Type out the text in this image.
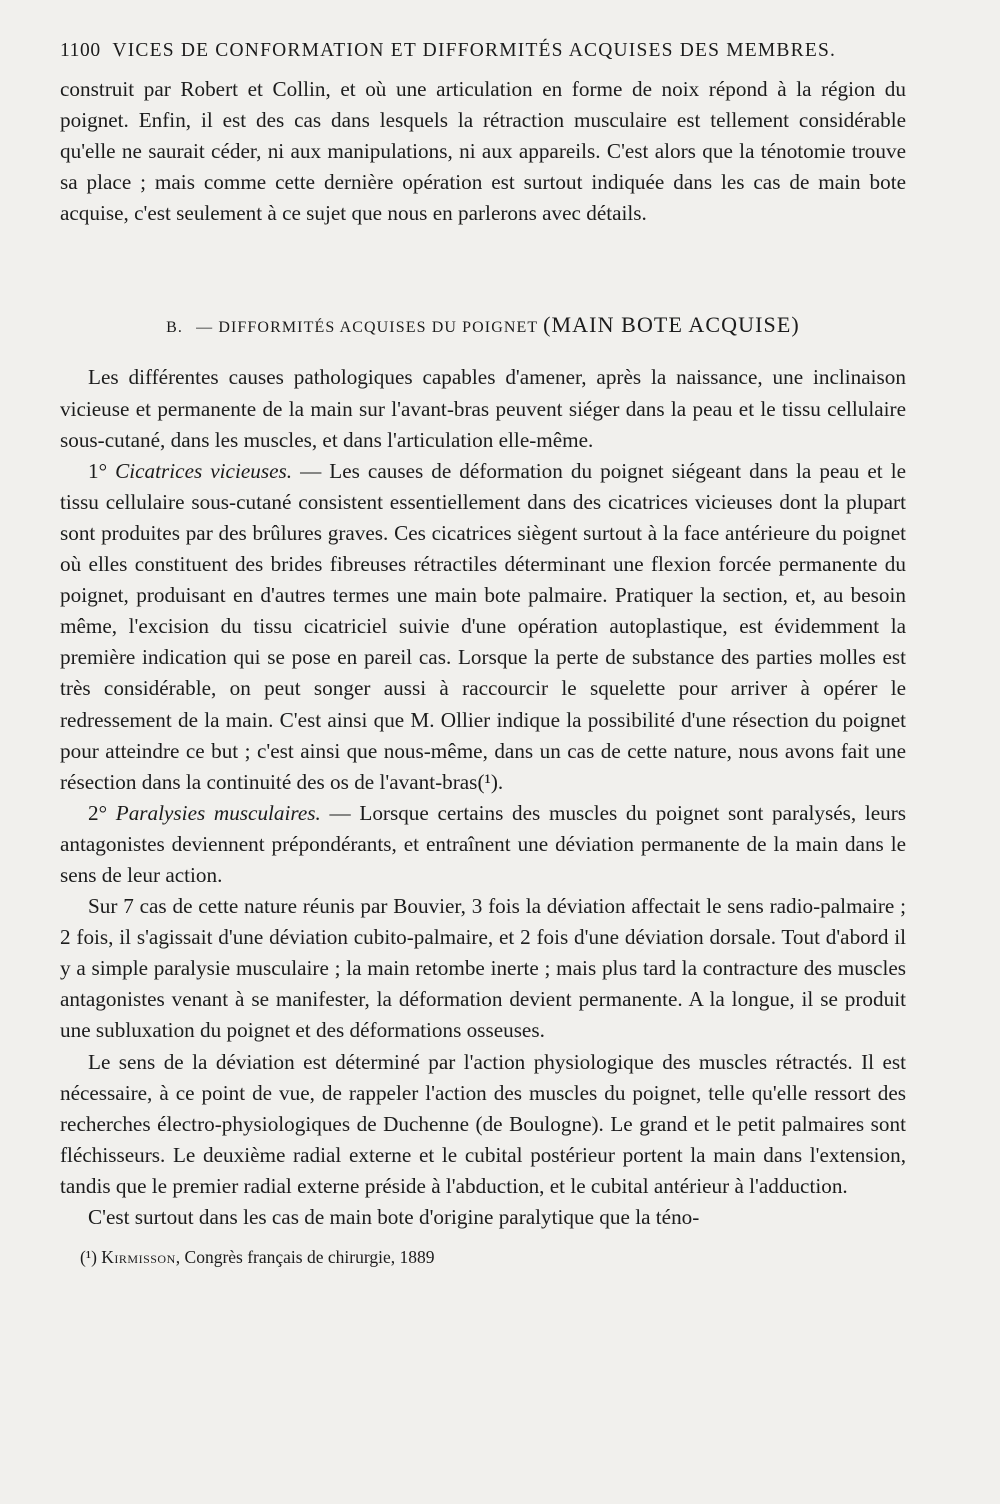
1100 VICES DE CONFORMATION ET DIFFORMITÉS ACQUISES DES MEMBRES.

construit par Robert et Collin, et où une articulation en forme de noix répond à la région du poignet. Enfin, il est des cas dans lesquels la rétraction musculaire est tellement considérable qu'elle ne saurait céder, ni aux manipulations, ni aux appareils. C'est alors que la ténotomie trouve sa place ; mais comme cette dernière opération est surtout indiquée dans les cas de main bote acquise, c'est seulement à ce sujet que nous en parlerons avec détails.

B. — DIFFORMITÉS ACQUISES DU POIGNET (MAIN BOTE ACQUISE)

Les différentes causes pathologiques capables d'amener, après la naissance, une inclinaison vicieuse et permanente de la main sur l'avant-bras peuvent siéger dans la peau et le tissu cellulaire sous-cutané, dans les muscles, et dans l'articulation elle-même.

1° Cicatrices vicieuses. — Les causes de déformation du poignet siégeant dans la peau et le tissu cellulaire sous-cutané consistent essentiellement dans des cicatrices vicieuses dont la plupart sont produites par des brûlures graves. Ces cicatrices siègent surtout à la face antérieure du poignet où elles constituent des brides fibreuses rétractiles déterminant une flexion forcée permanente du poignet, produisant en d'autres termes une main bote palmaire. Pratiquer la section, et, au besoin même, l'excision du tissu cicatriciel suivie d'une opération autoplastique, est évidemment la première indication qui se pose en pareil cas. Lorsque la perte de substance des parties molles est très considérable, on peut songer aussi à raccourcir le squelette pour arriver à opérer le redressement de la main. C'est ainsi que M. Ollier indique la possibilité d'une résection du poignet pour atteindre ce but ; c'est ainsi que nous-même, dans un cas de cette nature, nous avons fait une résection dans la continuité des os de l'avant-bras(¹).

2° Paralysies musculaires. — Lorsque certains des muscles du poignet sont paralysés, leurs antagonistes deviennent prépondérants, et entraînent une déviation permanente de la main dans le sens de leur action.

Sur 7 cas de cette nature réunis par Bouvier, 3 fois la déviation affectait le sens radio-palmaire ; 2 fois, il s'agissait d'une déviation cubito-palmaire, et 2 fois d'une déviation dorsale. Tout d'abord il y a simple paralysie musculaire ; la main retombe inerte ; mais plus tard la contracture des muscles antagonistes venant à se manifester, la déformation devient permanente. A la longue, il se produit une subluxation du poignet et des déformations osseuses.

Le sens de la déviation est déterminé par l'action physiologique des muscles rétractés. Il est nécessaire, à ce point de vue, de rappeler l'action des muscles du poignet, telle qu'elle ressort des recherches électro-physiologiques de Duchenne (de Boulogne). Le grand et le petit palmaires sont fléchisseurs. Le deuxième radial externe et le cubital postérieur portent la main dans l'extension, tandis que le premier radial externe préside à l'abduction, et le cubital antérieur à l'adduction.

C'est surtout dans les cas de main bote d'origine paralytique que la téno-

(¹) Kirmisson, Congrès français de chirurgie, 1889
